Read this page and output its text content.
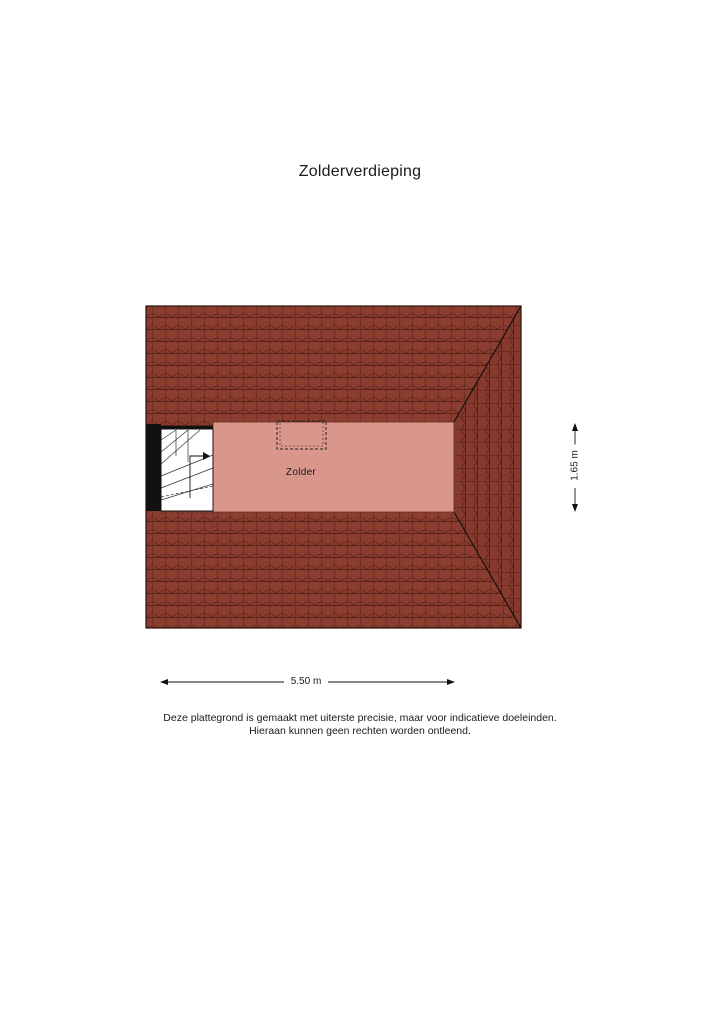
Zolderverdieping
Zolder
5.50 m
1.65 m
Deze plattegrond is gemaakt met uiterste precisie, maar voor indicatieve doeleinden.
Hieraan kunnen geen rechten worden ontleend.
